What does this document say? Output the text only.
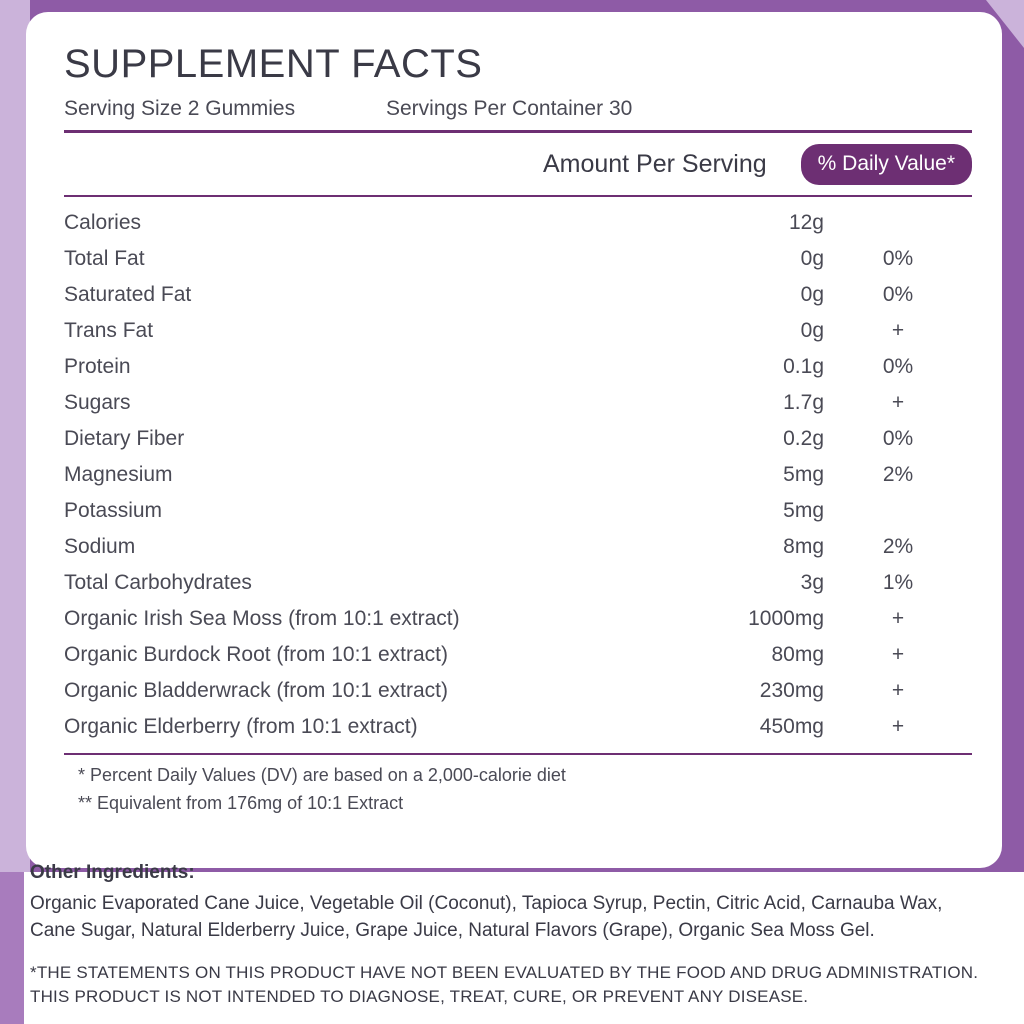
SUPPLEMENT FACTS
Serving Size 2 Gummies	Servings Per Container 30
Amount Per Serving	% Daily Value*
Calories	12g	
Total Fat	0g	0%
Saturated Fat	0g	0%
Trans Fat	0g	+
Protein	0.1g	0%
Sugars	1.7g	+
Dietary Fiber	0.2g	0%
Magnesium	5mg	2%
Potassium	5mg	
Sodium	8mg	2%
Total Carbohydrates	3g	1%
Organic Irish Sea Moss (from 10:1 extract)	1000mg	+
Organic Burdock Root (from 10:1 extract)	80mg	+
Organic Bladderwrack (from 10:1 extract)	230mg	+
Organic Elderberry (from 10:1 extract)	450mg	+
* Percent Daily Values (DV) are based on a 2,000-calorie diet
** Equivalent from 176mg of 10:1 Extract
Other Ingredients:
Organic Evaporated Cane Juice, Vegetable Oil (Coconut), Tapioca Syrup, Pectin, Citric Acid, Carnauba Wax, Cane Sugar, Natural Elderberry Juice, Grape Juice, Natural Flavors (Grape), Organic Sea Moss Gel.
*THE STATEMENTS ON THIS PRODUCT HAVE NOT BEEN EVALUATED BY THE FOOD AND DRUG ADMINISTRATION.
THIS PRODUCT IS NOT INTENDED TO DIAGNOSE, TREAT, CURE, OR PREVENT ANY DISEASE.
